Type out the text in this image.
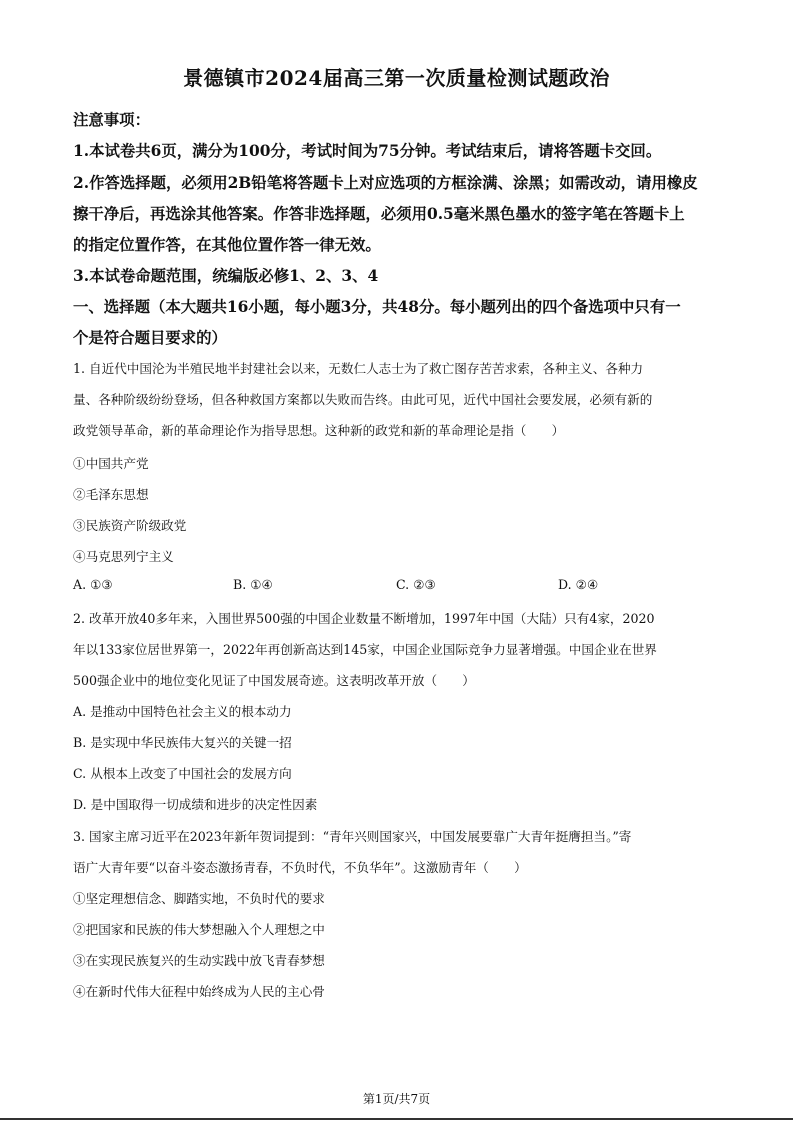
景德镇市2024届高三第一次质量检测试题政治
注意事项：
1.本试卷共6页，满分为100分，考试时间为75分钟。考试结束后，请将答题卡交回。
2.作答选择题，必须用2B铅笔将答题卡上对应选项的方框涂满、涂黑；如需改动，请用橡皮
擦干净后，再选涂其他答案。作答非选择题，必须用0.5毫米黑色墨水的签字笔在答题卡上
的指定位置作答，在其他位置作答一律无效。
3.本试卷命题范围，统编版必修1、2、3、4
一、选择题（本大题共16小题，每小题3分，共48分。每小题列出的四个备选项中只有一
个是符合题目要求的）
1. 自近代中国沦为半殖民地半封建社会以来，无数仁人志士为了救亡图存苦苦求索，各种主义、各种力
量、各种阶级纷纷登场，但各种救国方案都以失败而告终。由此可见，近代中国社会要发展，必须有新的
政党领导革命，新的革命理论作为指导思想。这种新的政党和新的革命理论是指（　　）
①中国共产党
②毛泽东思想
③民族资产阶级政党
④马克思列宁主义
A. ①③	B. ①④	C. ②③	D. ②④
2. 改革开放40多年来，入围世界500强的中国企业数量不断增加，1997年中国（大陆）只有4家，2020
年以133家位居世界第一，2022年再创新高达到145家，中国企业国际竞争力显著增强。中国企业在世界
500强企业中的地位变化见证了中国发展奇迹。这表明改革开放（　　）
A. 是推动中国特色社会主义的根本动力
B. 是实现中华民族伟大复兴的关键一招
C. 从根本上改变了中国社会的发展方向
D. 是中国取得一切成绩和进步的决定性因素
3. 国家主席习近平在2023年新年贺词提到：“青年兴则国家兴，中国发展要靠广大青年挺膺担当。”寄
语广大青年要“以奋斗姿态激扬青春，不负时代，不负华年”。这激励青年（　　）
①坚定理想信念、脚踏实地，不负时代的要求
②把国家和民族的伟大梦想融入个人理想之中
③在实现民族复兴的生动实践中放飞青春梦想
④在新时代伟大征程中始终成为人民的主心骨
第1页/共7页
